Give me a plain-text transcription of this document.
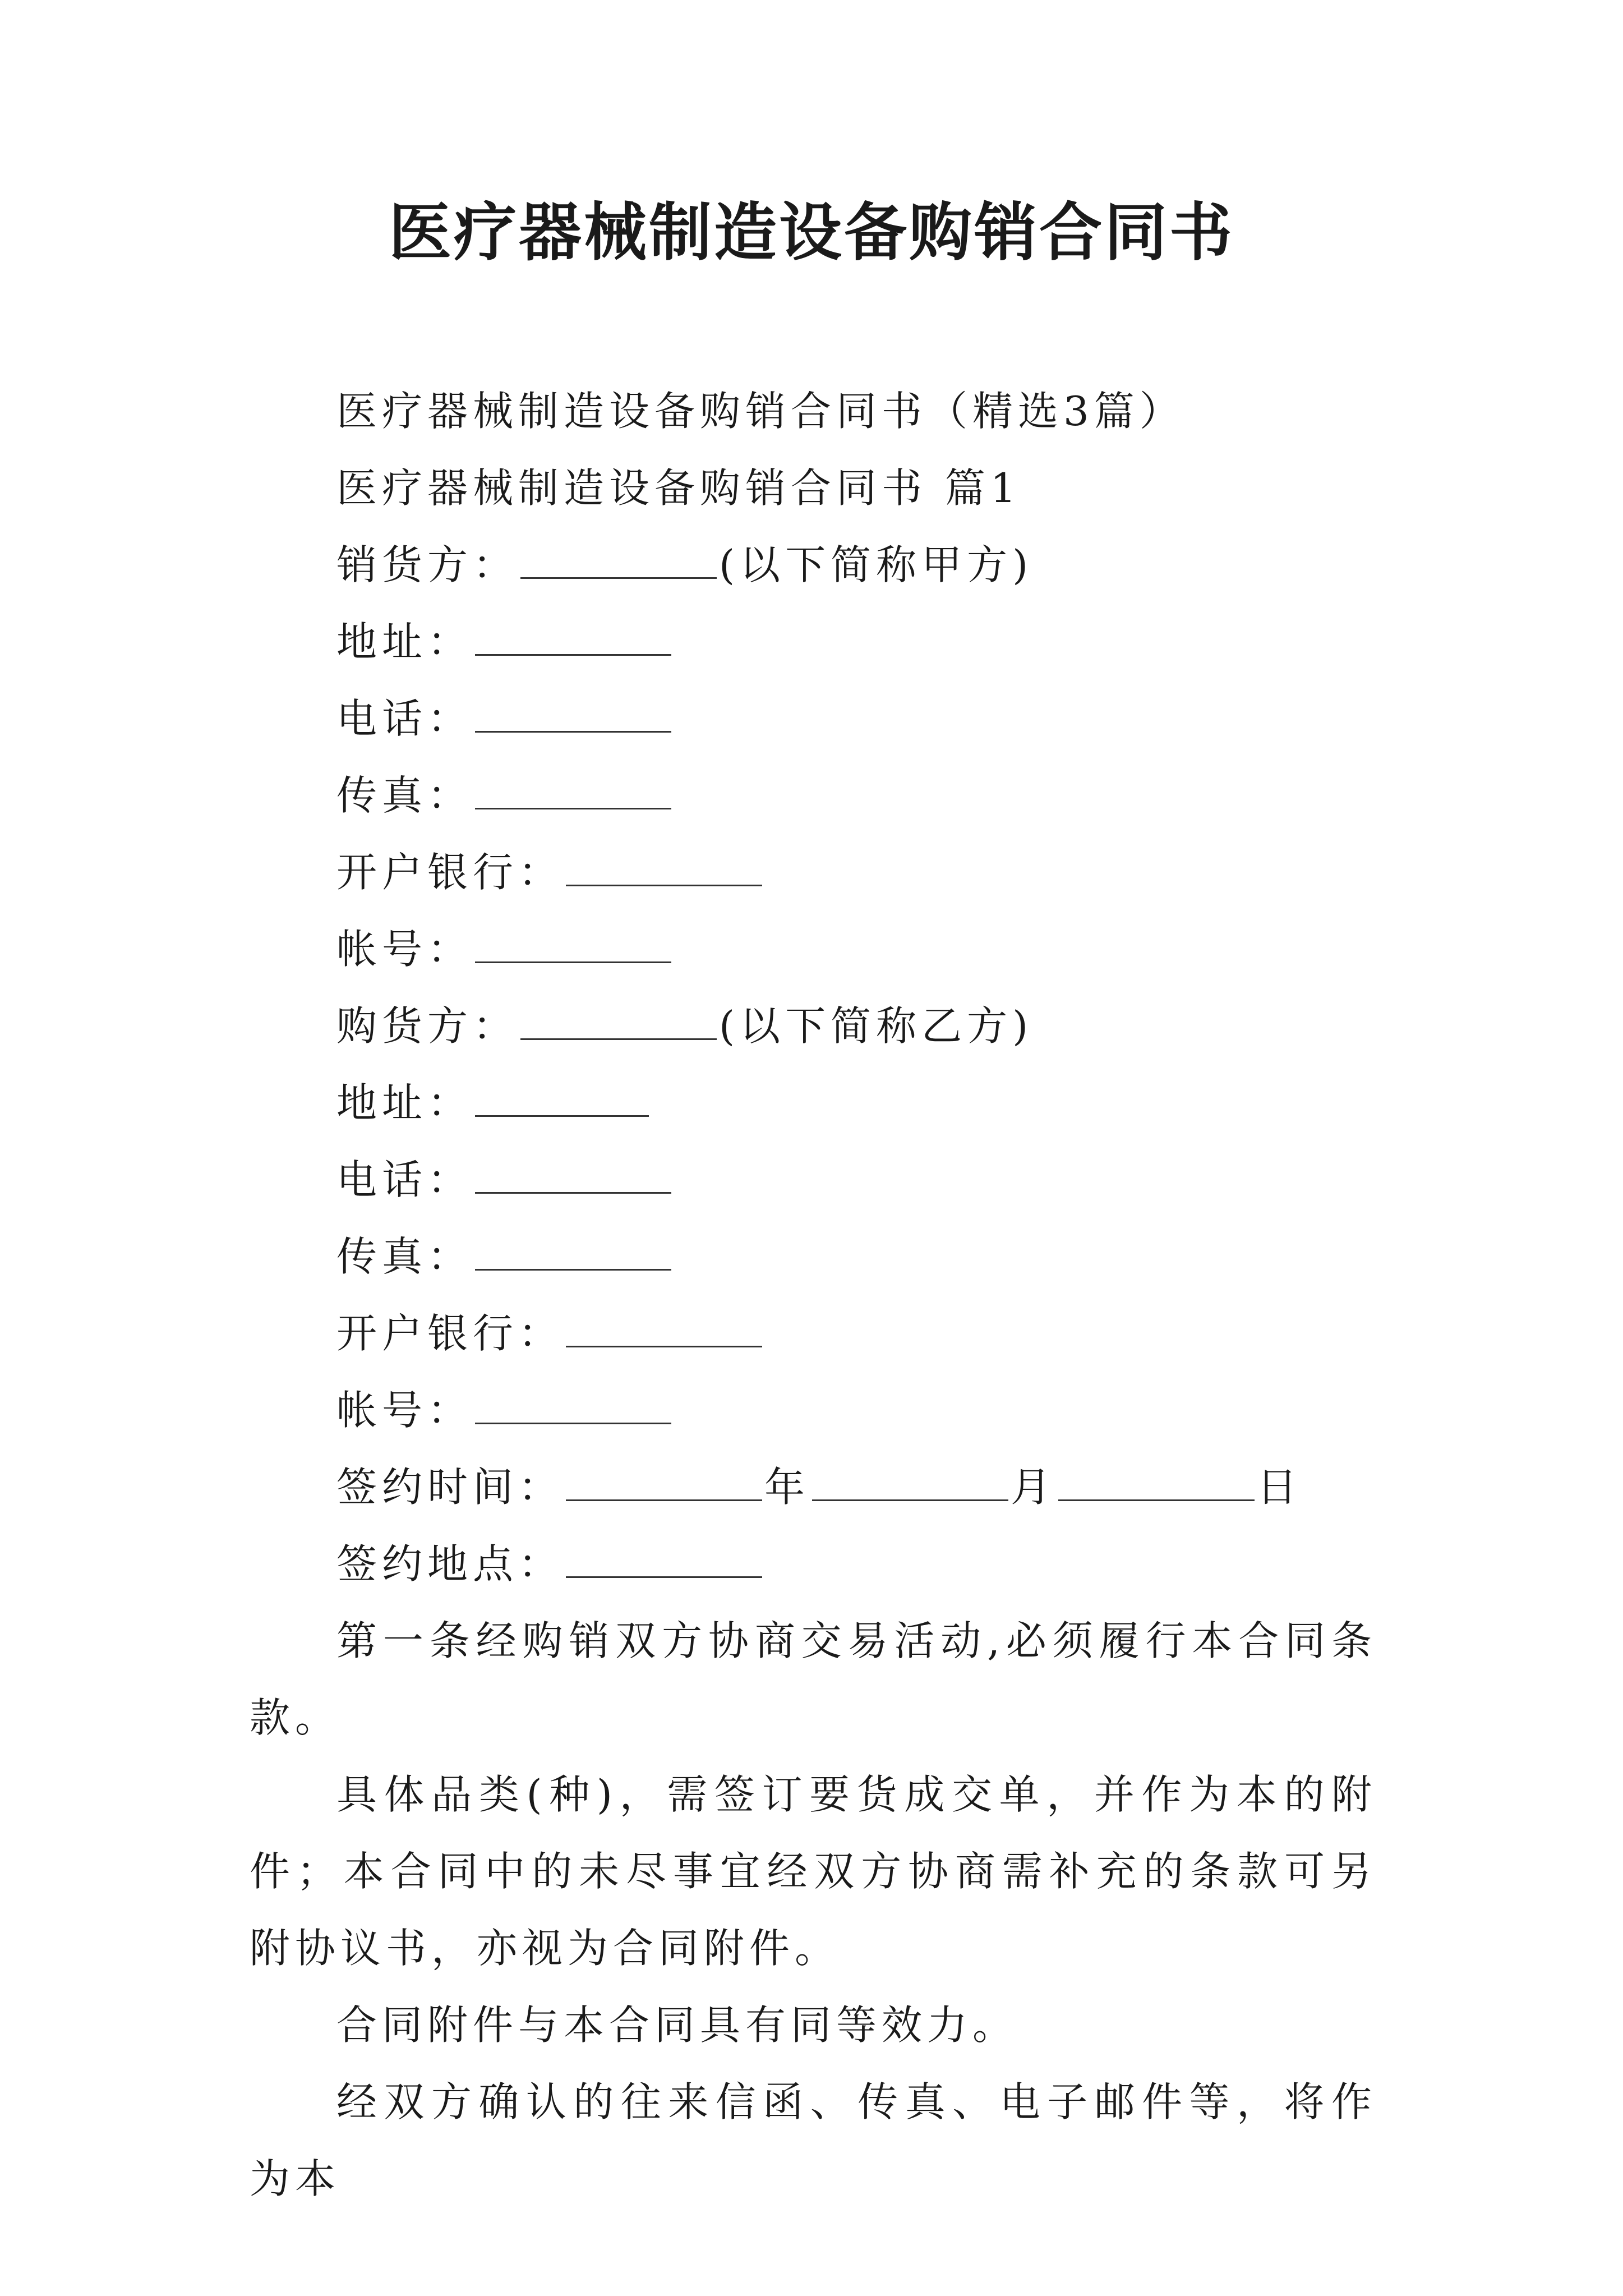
医疗器械制造设备购销合同书

医疗器械制造设备购销合同书（精选3篇）

医疗器械制造设备购销合同书 篇1

销货方：	(以下简称甲方)

地址：

电话：

传真：

开户银行：

帐号：

购货方：	(以下简称乙方)

地址：

电话：

传真：

开户银行：

帐号：

签约时间：	年	月	日

签约地点：

第一条经购销双方协商交易活动,必须履行本合同条款。

具体品类(种)，需签订要货成交单，并作为本的附件；本合同中的未尽事宜经双方协商需补充的条款可另附协议书，亦视为合同附件。

合同附件与本合同具有同等效力。

经双方确认的往来信函、传真、电子邮件等，将作为本
